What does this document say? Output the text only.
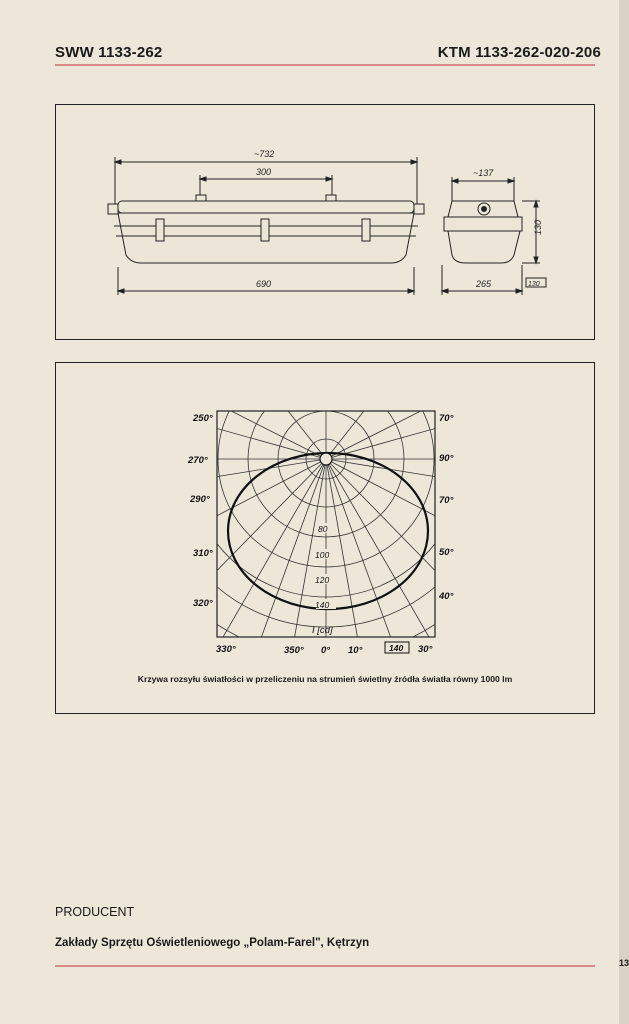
SWW 1133-262	KTM 1133-262-020-206
~732
300
690
~137
265
130
130
250°
270°
290°
310°
320°
70°
90°
70°
50°
40°
330°	350° 0° 10°	30°
80
100
120
140
I [cd]
140
Krzywa rozsyłu światłości w przeliczeniu na strumień świetlny źródła światła równy 1000 lm
PRODUCENT
Zakłady Sprzętu Oświetleniowego „Polam-Farel", Kętrzyn
13
